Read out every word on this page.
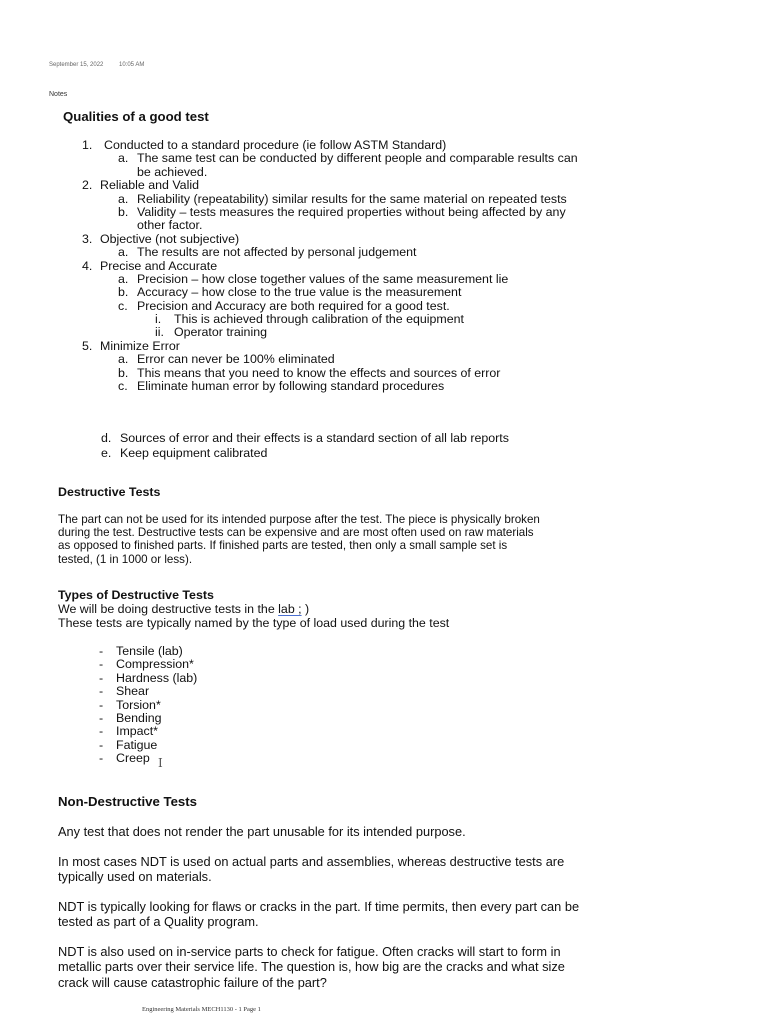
September 15, 2022	10:05 AM
Notes
Qualities of a good test
1. Conducted to a standard procedure (ie follow ASTM Standard)
a. The same test can be conducted by different people and comparable results can
be achieved.
2. Reliable and Valid
a. Reliability (repeatability) similar results for the same material on repeated tests
b. Validity – tests measures the required properties without being affected by any
other factor.
3. Objective (not subjective)
a. The results are not affected by personal judgement
4. Precise and Accurate
a. Precision – how close together values of the same measurement lie
b. Accuracy – how close to the true value is the measurement
c. Precision and Accuracy are both required for a good test.
i. This is achieved through calibration of the equipment
ii. Operator training
5. Minimize Error
a. Error can never be 100% eliminated
b. This means that you need to know the effects and sources of error
c. Eliminate human error by following standard procedures
d. Sources of error and their effects is a standard section of all lab reports
e. Keep equipment calibrated
Destructive Tests
The part can not be used for its intended purpose after the test. The piece is physically broken
during the test. Destructive tests can be expensive and are most often used on raw materials
as opposed to finished parts. If finished parts are tested, then only a small sample set is
tested, (1 in 1000 or less).
Types of Destructive Tests
We will be doing destructive tests in the lab ; )
These tests are typically named by the type of load used during the test
- Tensile (lab)
- Compression*
- Hardness (lab)
- Shear
- Torsion*
- Bending
- Impact*
- Fatigue
- Creep I
Non-Destructive Tests
Any test that does not render the part unusable for its intended purpose.
In most cases NDT is used on actual parts and assemblies, whereas destructive tests are
typically used on materials.
NDT is typically looking for flaws or cracks in the part. If time permits, then every part can be
tested as part of a Quality program.
NDT is also used on in-service parts to check for fatigue. Often cracks will start to form in
metallic parts over their service life. The question is, how big are the cracks and what size
crack will cause catastrophic failure of the part?
Engineering Materials MECH1130 - 1 Page 1
